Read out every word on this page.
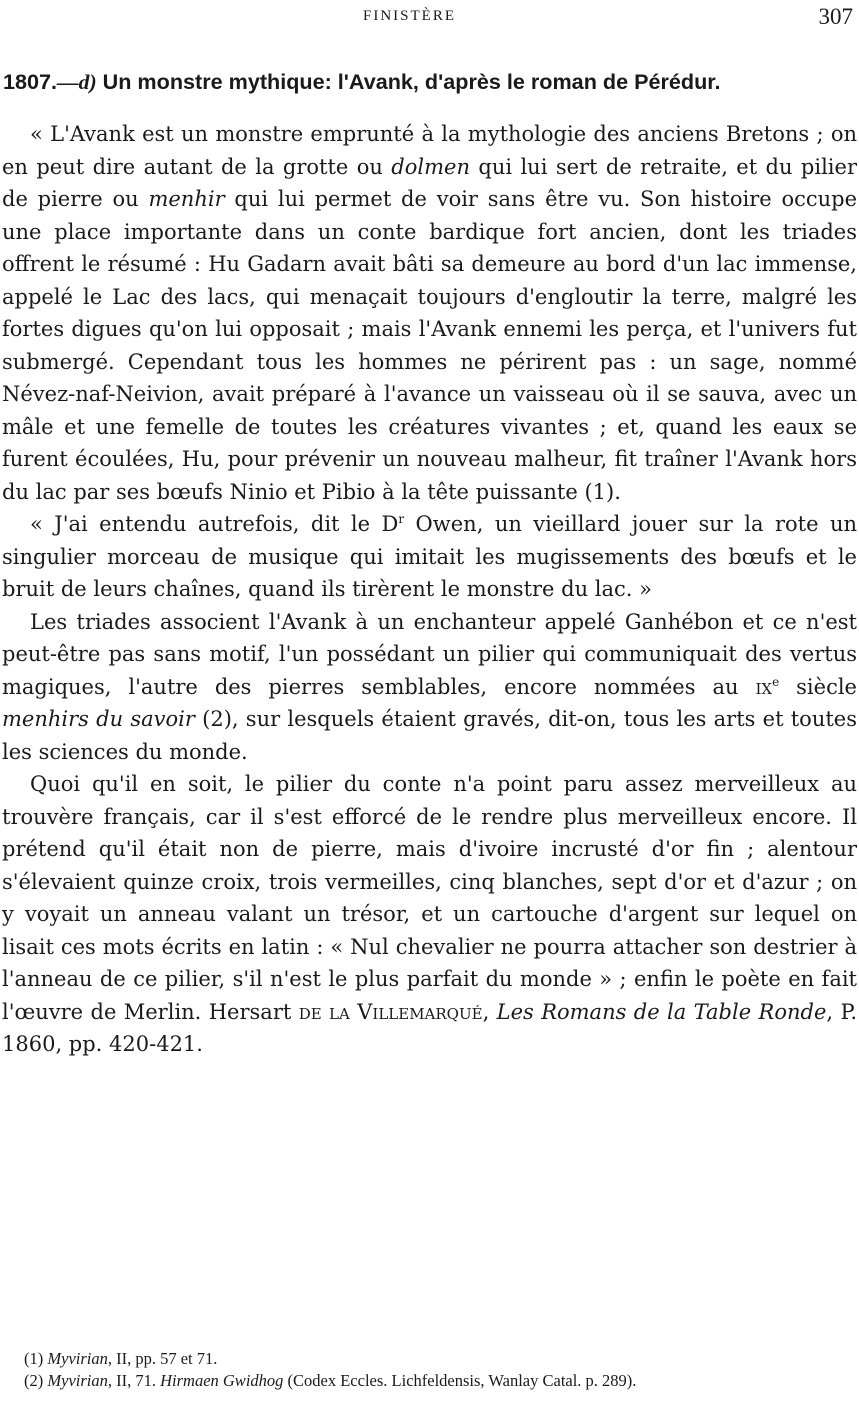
FINISTÈRE	307
1807.—d) Un monstre mythique: l'Avank, d'après le roman de Pérédur.
« L'Avank est un monstre emprunté à la mythologie des anciens Bretons ; on en peut dire autant de la grotte ou dolmen qui lui sert de retraite, et du pilier de pierre ou menhir qui lui permet de voir sans être vu. Son histoire occupe une place importante dans un conte bardique fort ancien, dont les triades offrent le résumé : Hu Gadarn avait bâti sa demeure au bord d'un lac immense, appelé le Lac des lacs, qui menaçait toujours d'engloutir la terre, malgré les fortes digues qu'on lui opposait ; mais l'Avank ennemi les perça, et l'univers fut submergé. Cependant tous les hommes ne périrent pas : un sage, nommé Névez-naf-Neivion, avait préparé à l'avance un vaisseau où il se sauva, avec un mâle et une femelle de toutes les créatures vivantes ; et, quand les eaux se furent écoulées, Hu, pour prévenir un nouveau malheur, fit traîner l'Avank hors du lac par ses bœufs Ninio et Pibio à la tête puissante (1).
« J'ai entendu autrefois, dit le $D^r$ Owen, un vieillard jouer sur la rote un singulier morceau de musique qui imitait les mugissements des bœufs et le bruit de leurs chaînes, quand ils tirèrent le monstre du lac. »
Les triades associent l'Avank à un enchanteur appelé Ganhébon et ce n'est peut-être pas sans motif, l'un possédant un pilier qui communiquait des vertus magiques, l'autre des pierres semblables, encore nommées au $ix^e$ siècle menhirs du savoir (2), sur lesquels étaient gravés, dit-on, tous les arts et toutes les sciences du monde.
Quoi qu'il en soit, le pilier du conte n'a point paru assez merveilleux au trouvère français, car il s'est efforcé de le rendre plus merveilleux encore. Il prétend qu'il était non de pierre, mais d'ivoire incrusté d'or fin ; alentour s'élevaient quinze croix, trois vermeilles, cinq blanches, sept d'or et d'azur ; on y voyait un anneau valant un trésor, et un cartouche d'argent sur lequel on lisait ces mots écrits en latin : « Nul chevalier ne pourra attacher son destrier à l'anneau de ce pilier, s'il n'est le plus parfait du monde » ; enfin le poète en fait l'œuvre de Merlin. Hersart de la Villemarqué, Les Romans de la Table Ronde, P. 1860, pp. 420-421.
(1) Myvirian, II, pp. 57 et 71.
(2) Myvirian, II, 71. Hirmaen Gwidhog (Codex Eccles. Lichfeldensis, Wanlay Catal. p. 289).
